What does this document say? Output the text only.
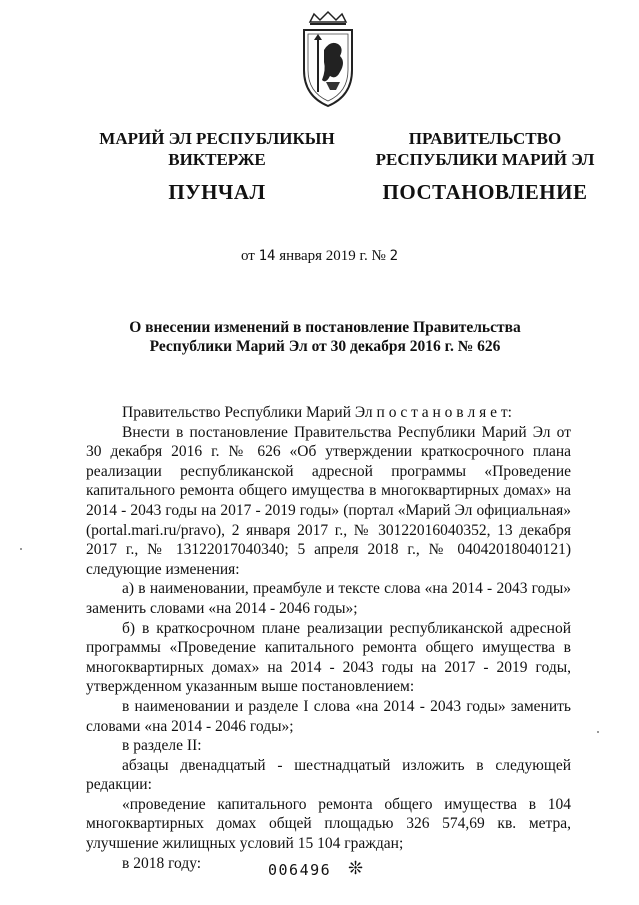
МАРИЙ ЭЛ РЕСПУБЛИКЫН
ВИКТЕРЖЕ
ПУНЧАЛ
ПРАВИТЕЛЬСТВО
РЕСПУБЛИКИ МАРИЙ ЭЛ
ПОСТАНОВЛЕНИЕ
от 14 января 2019 г. № 2
О внесении изменений в постановление Правительства
Республики Марий Эл от 30 декабря 2016 г. № 626

Правительство Республики Марий Эл п о с т а н о в л я е т:

Внести в постановление Правительства Республики Марий Эл от 30 декабря 2016 г. № 626 «Об утверждении краткосрочного плана реализации республиканской адресной программы «Проведение капитального ремонта общего имущества в многоквартирных домах» на 2014 - 2043 годы на 2017 - 2019 годы» (портал «Марий Эл официальная» (portal.mari.ru/pravo), 2 января 2017 г., № 30122016040352, 13 декабря 2017 г., № 13122017040340; 5 апреля 2018 г., № 04042018040121) следующие изменения:

а) в наименовании, преамбуле и тексте слова «на 2014 - 2043 годы» заменить словами «на 2014 - 2046 годы»;

б) в краткосрочном плане реализации республиканской адресной программы «Проведение капитального ремонта общего имущества в многоквартирных домах» на 2014 - 2043 годы на 2017 - 2019 годы, утвержденном указанным выше постановлением:

в наименовании и разделе I слова «на 2014 - 2043 годы» заменить словами «на 2014 - 2046 годы»;

в разделе II:

абзацы двенадцатый - шестнадцатый изложить в следующей редакции:

«проведение капитального ремонта общего имущества в 104 многоквартирных домах общей площадью 326 574,69 кв. метра, улучшение жилищных условий 15 104 граждан;

в 2018 году:	006496 ❊
